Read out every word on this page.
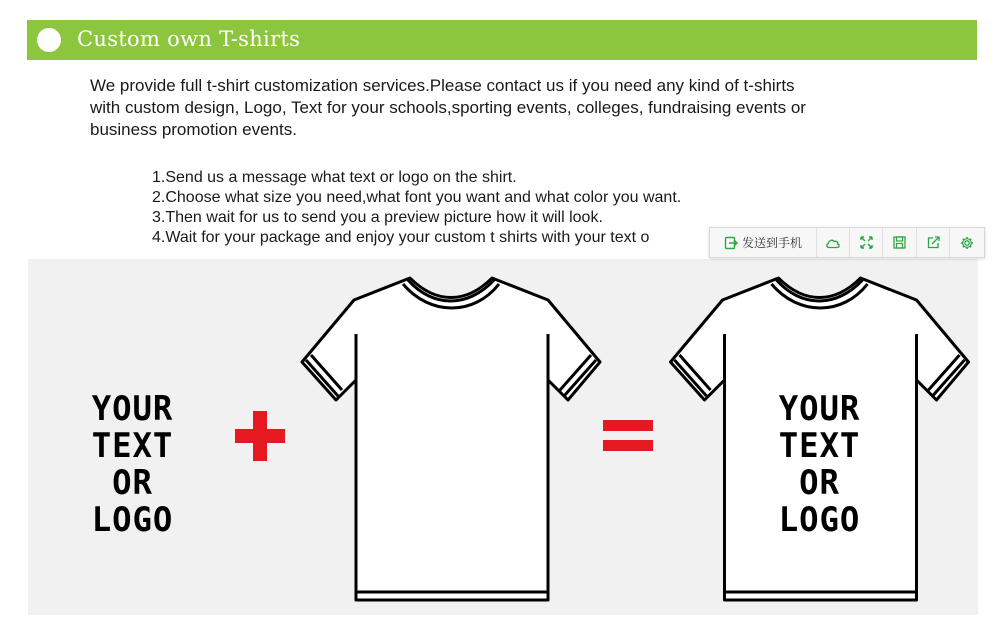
Custom own T-shirts
We provide full t-shirt customization services.Please contact us if you need any kind of t-shirts
with custom design, Logo, Text for your schools,sporting events, colleges, fundraising events or
business promotion events.
1.Send us a message what text or logo on the shirt.
2.Choose what size you need,what font you want and what color you want.
3.Then wait for us to send you a preview picture how it will look.
4.Wait for your package and enjoy your custom t shirts with your text o
YOUR TEXT
OR
LOGO
YOUR TEXT
OR
LOGO
发送到手机
